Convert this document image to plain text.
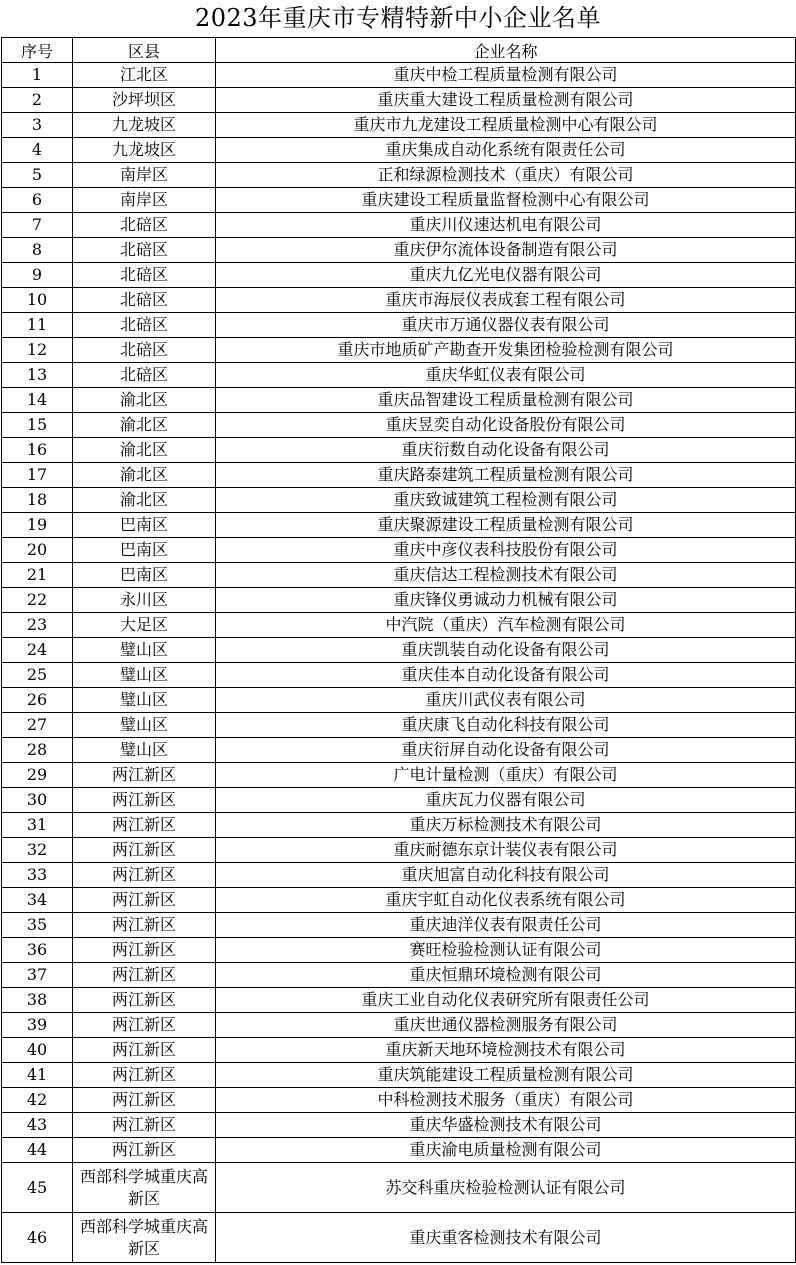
2023年重庆市专精特新中小企业名单
序号	区县	企业名称
1	江北区	重庆中检工程质量检测有限公司
2	沙坪坝区	重庆重大建设工程质量检测有限公司
3	九龙坡区	重庆市九龙建设工程质量检测中心有限公司
4	九龙坡区	重庆集成自动化系统有限责任公司
5	南岸区	正和绿源检测技术（重庆）有限公司
6	南岸区	重庆建设工程质量监督检测中心有限公司
7	北碚区	重庆川仪速达机电有限公司
8	北碚区	重庆伊尔流体设备制造有限公司
9	北碚区	重庆九亿光电仪器有限公司
10	北碚区	重庆市海辰仪表成套工程有限公司
11	北碚区	重庆市万通仪器仪表有限公司
12	北碚区	重庆市地质矿产勘查开发集团检验检测有限公司
13	北碚区	重庆华虹仪表有限公司
14	渝北区	重庆品智建设工程质量检测有限公司
15	渝北区	重庆昱奕自动化设备股份有限公司
16	渝北区	重庆衍数自动化设备有限公司
17	渝北区	重庆路泰建筑工程质量检测有限公司
18	渝北区	重庆致诚建筑工程检测有限公司
19	巴南区	重庆聚源建设工程质量检测有限公司
20	巴南区	重庆中彦仪表科技股份有限公司
21	巴南区	重庆信达工程检测技术有限公司
22	永川区	重庆锋仪勇诚动力机械有限公司
23	大足区	中汽院（重庆）汽车检测有限公司
24	璧山区	重庆凯装自动化设备有限公司
25	璧山区	重庆佳本自动化设备有限公司
26	璧山区	重庆川武仪表有限公司
27	璧山区	重庆康飞自动化科技有限公司
28	璧山区	重庆衍屏自动化设备有限公司
29	两江新区	广电计量检测（重庆）有限公司
30	两江新区	重庆瓦力仪器有限公司
31	两江新区	重庆万标检测技术有限公司
32	两江新区	重庆耐德东京计装仪表有限公司
33	两江新区	重庆旭富自动化科技有限公司
34	两江新区	重庆宇虹自动化仪表系统有限公司
35	两江新区	重庆迪洋仪表有限责任公司
36	两江新区	赛旺检验检测认证有限公司
37	两江新区	重庆恒鼎环境检测有限公司
38	两江新区	重庆工业自动化仪表研究所有限责任公司
39	两江新区	重庆世通仪器检测服务有限公司
40	两江新区	重庆新天地环境检测技术有限公司
41	两江新区	重庆筑能建设工程质量检测有限公司
42	两江新区	中科检测技术服务（重庆）有限公司
43	两江新区	重庆华盛检测技术有限公司
44	两江新区	重庆渝电质量检测有限公司
45	西部科学城重庆高新区	苏交科重庆检验检测认证有限公司
46	西部科学城重庆高新区	重庆重客检测技术有限公司
